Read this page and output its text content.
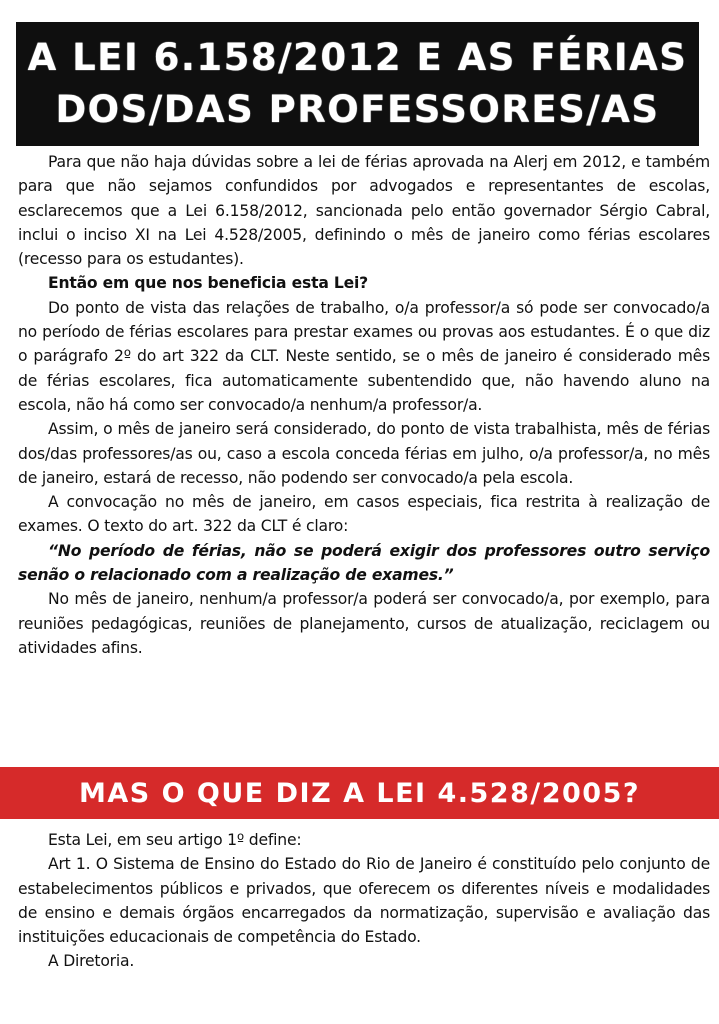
A LEI 6.158/2012 E AS FÉRIAS
DOS/DAS PROFESSORES/AS

Para que não haja dúvidas sobre a lei de férias aprovada na Alerj em 2012, e também para que não sejamos confundidos por advogados e representantes de escolas, esclarecemos que a Lei 6.158/2012, sancionada pelo então governador Sérgio Cabral, inclui o inciso XI na Lei 4.528/2005, definindo o mês de janeiro como férias escolares (recesso para os estudantes).

Então em que nos beneficia esta Lei?

Do ponto de vista das relações de trabalho, o/a professor/a só pode ser convocado/a no período de férias escolares para prestar exames ou provas aos estudantes. É o que diz o parágrafo 2º do art 322 da CLT. Neste sentido, se o mês de janeiro é considerado mês de férias escolares, fica automaticamente subentendido que, não havendo aluno na escola, não há como ser convocado/a nenhum/a professor/a.

Assim, o mês de janeiro será considerado, do ponto de vista trabalhista, mês de férias dos/das professores/as ou, caso a escola conceda férias em julho, o/a professor/a, no mês de janeiro, estará de recesso, não podendo ser convocado/a pela escola.

A convocação no mês de janeiro, em casos especiais, fica restrita à realização de exames. O texto do art. 322 da CLT é claro:

“No período de férias, não se poderá exigir dos professores outro serviço senão o relacionado com a realização de exames.”

No mês de janeiro, nenhum/a professor/a poderá ser convocado/a, por exemplo, para reuniões pedagógicas, reuniões de planejamento, cursos de atualização, reciclagem ou atividades afins.

MAS O QUE DIZ A LEI 4.528/2005?

Esta Lei, em seu artigo 1º define:

Art 1. O Sistema de Ensino do Estado do Rio de Janeiro é constituído pelo conjunto de estabelecimentos públicos e privados, que oferecem os diferentes níveis e modalidades de ensino e demais órgãos encarregados da normatização, supervisão e avaliação das instituições educacionais de competência do Estado.

A Diretoria.
